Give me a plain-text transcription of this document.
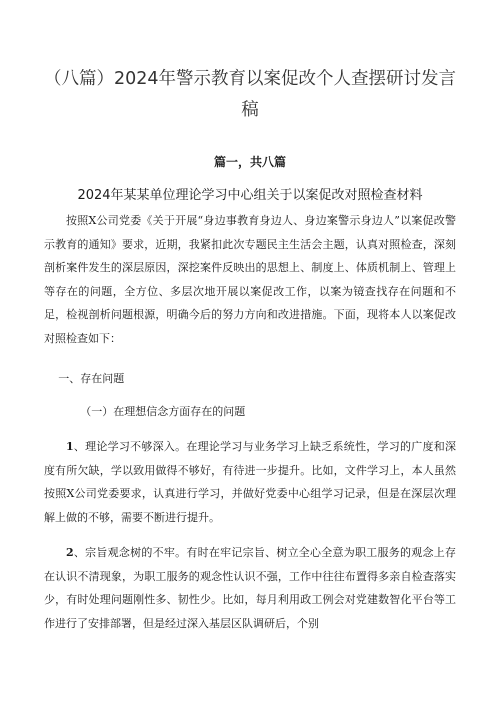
（八篇）2024年警示教育以案促改个人查摆研讨发言稿
篇一，共八篇
2024年某某单位理论学习中心组关于以案促改对照检查材料

按照X公司党委《关于开展“身边事教育身边人、身边案警示身边人”以案促改警示教育的通知》要求，近期，我紧扣此次专题民主生活会主题，认真对照检查，深刻剖析案件发生的深层原因，深挖案件反映出的思想上、制度上、体质机制上、管理上等存在的问题，全方位、多层次地开展以案促改工作，以案为镜查找存在问题和不足，检视剖析问题根源，明确今后的努力方向和改进措施。下面，现将本人以案促改对照检查如下：

一、存在问题

（一）在理想信念方面存在的问题

1、理论学习不够深入。在理论学习与业务学习上缺乏系统性，学习的广度和深度有所欠缺，学以致用做得不够好，有待进一步提升。比如，文件学习上，本人虽然按照X公司党委要求，认真进行学习，并做好党委中心组学习记录，但是在深层次理解上做的不够，需要不断进行提升。

2、宗旨观念树的不牢。有时在牢记宗旨、树立全心全意为职工服务的观念上存在认识不清现象，为职工服务的观念性认识不强，工作中往往布置得多亲自检查落实少，有时处理问题刚性多、韧性少。比如，每月利用政工例会对党建数智化平台等工作进行了安排部署，但是经过深入基层区队调研后，个别
